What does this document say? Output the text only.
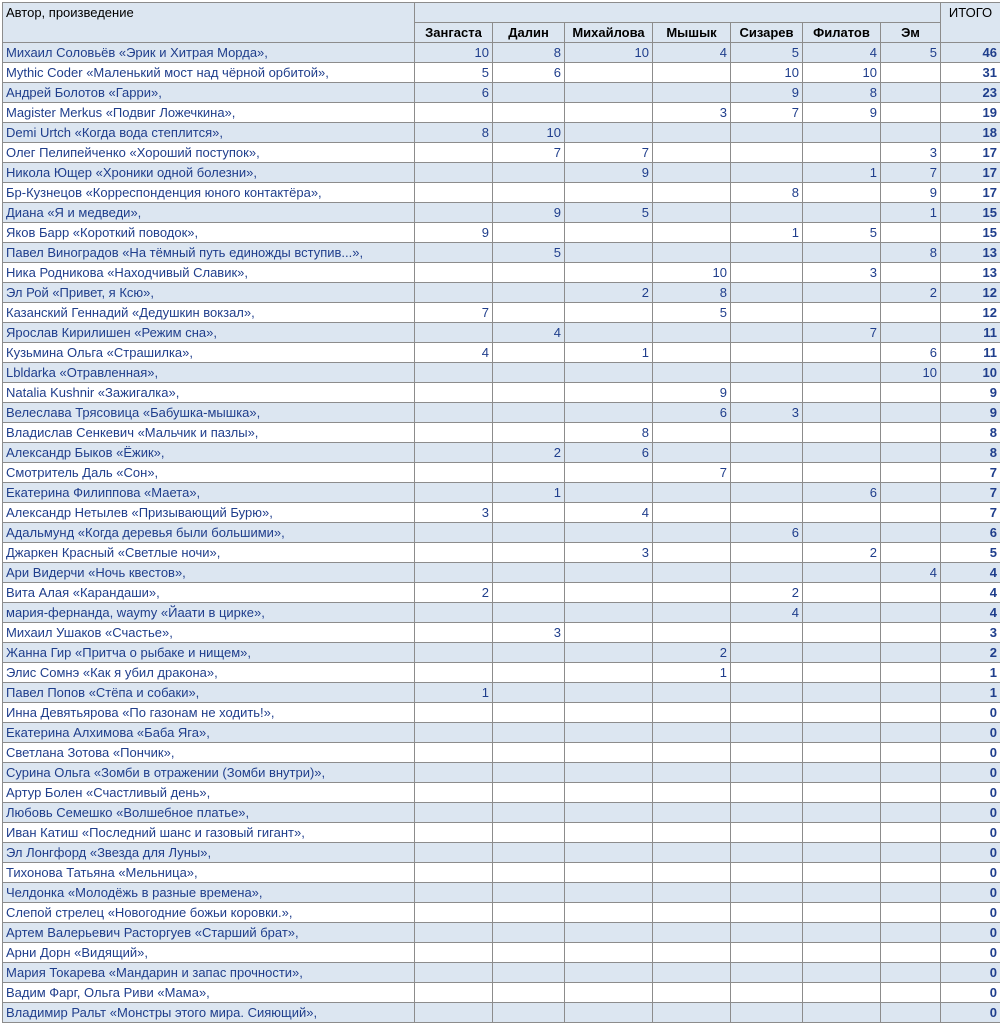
Автор, произведение								ИТОГО
	Зангаста	Далин	Михайлова	Мышык	Сизарев	Филатов	Эм	
Михаил Соловьёв «Эрик и Хитрая Морда»,	10	8	10	4	5	4	5	46
Mythic Coder «Маленький мост над чёрной орбитой»,	5	6			10	10		31
Андрей Болотов «Гарри»,	6				9	8		23
Magister Merkus «Подвиг Ложечкина»,				3	7	9		19
Demi Urtch «Когда вода степлится»,	8	10						18
Олег Пелипейченко «Хороший поступок»,		7	7				3	17
Никола Ющер «Хроники одной болезни»,			9			1	7	17
Бр-Кузнецов «Корреспонденция юного контактёра»,					8		9	17
Диана «Я и медведи»,		9	5				1	15
Яков Барр «Короткий поводок»,	9				1	5		15
Павел Виноградов «На тёмный путь единожды вступив...»,		5					8	13
Ника Родникова «Находчивый Славик»,				10		3		13
Эл Рой «Привет, я Ксю»,			2	8			2	12
Казанский Геннадий «Дедушкин вокзал»,	7			5				12
Ярослав Кирилишен «Режим сна»,		4				7		11
Кузьмина Ольга «Страшилка»,	4		1				6	11
Lbldarka «Отравленная»,							10	10
Natalia Kushnir «Зажигалка»,				9				9
Велеслава Трясовица «Бабушка-мышка»,				6	3			9
Владислав Сенкевич «Мальчик и пазлы»,			8					8
Александр Быков «Ёжик»,		2	6					8
Смотритель Даль «Сон»,				7				7
Екатерина Филиппова «Маета»,		1				6		7
Александр Нетылев «Призывающий Бурю»,	3		4					7
Адальмунд «Когда деревья были большими»,					6			6
Джаркен Красный «Светлые ночи»,			3			2		5
Ари Видерчи «Ночь квестов»,							4	4
Вита Алая «Карандаши»,	2				2			4
мария-фернанда, waymy «Йаати в цирке»,					4			4
Михаил Ушаков «Счастье»,		3						3
Жанна Гир «Притча о рыбаке и нищем»,				2				2
Элис Сомнэ «Как я убил дракона»,				1				1
Павел Попов «Стёпа и собаки»,	1							1
Инна Девятьярова «По газонам не ходить!»,								0
Екатерина Алхимова «Баба Яга»,								0
Светлана Зотова «Пончик»,								0
Сурина Ольга «Зомби в отражении (Зомби внутри)»,								0
Артур Болен «Счастливый день»,								0
Любовь Семешко «Волшебное платье»,								0
Иван Катиш «Последний шанс и газовый гигант»,								0
Эл Лонгфорд «Звезда для Луны»,								0
Тихонова Татьяна «Мельница»,								0
Челдонка «Молодёжь в разные времена»,								0
Слепой стрелец «Новогодние божьи коровки.»,								0
Артем Валерьевич Расторгуев «Старший брат»,								0
Арни Дорн «Видящий»,								0
Мария Токарева «Мандарин и запас прочности»,								0
Вадим Фарг, Ольга Риви «Мама»,								0
Владимир Ральт «Монстры этого мира. Сияющий»,								0
